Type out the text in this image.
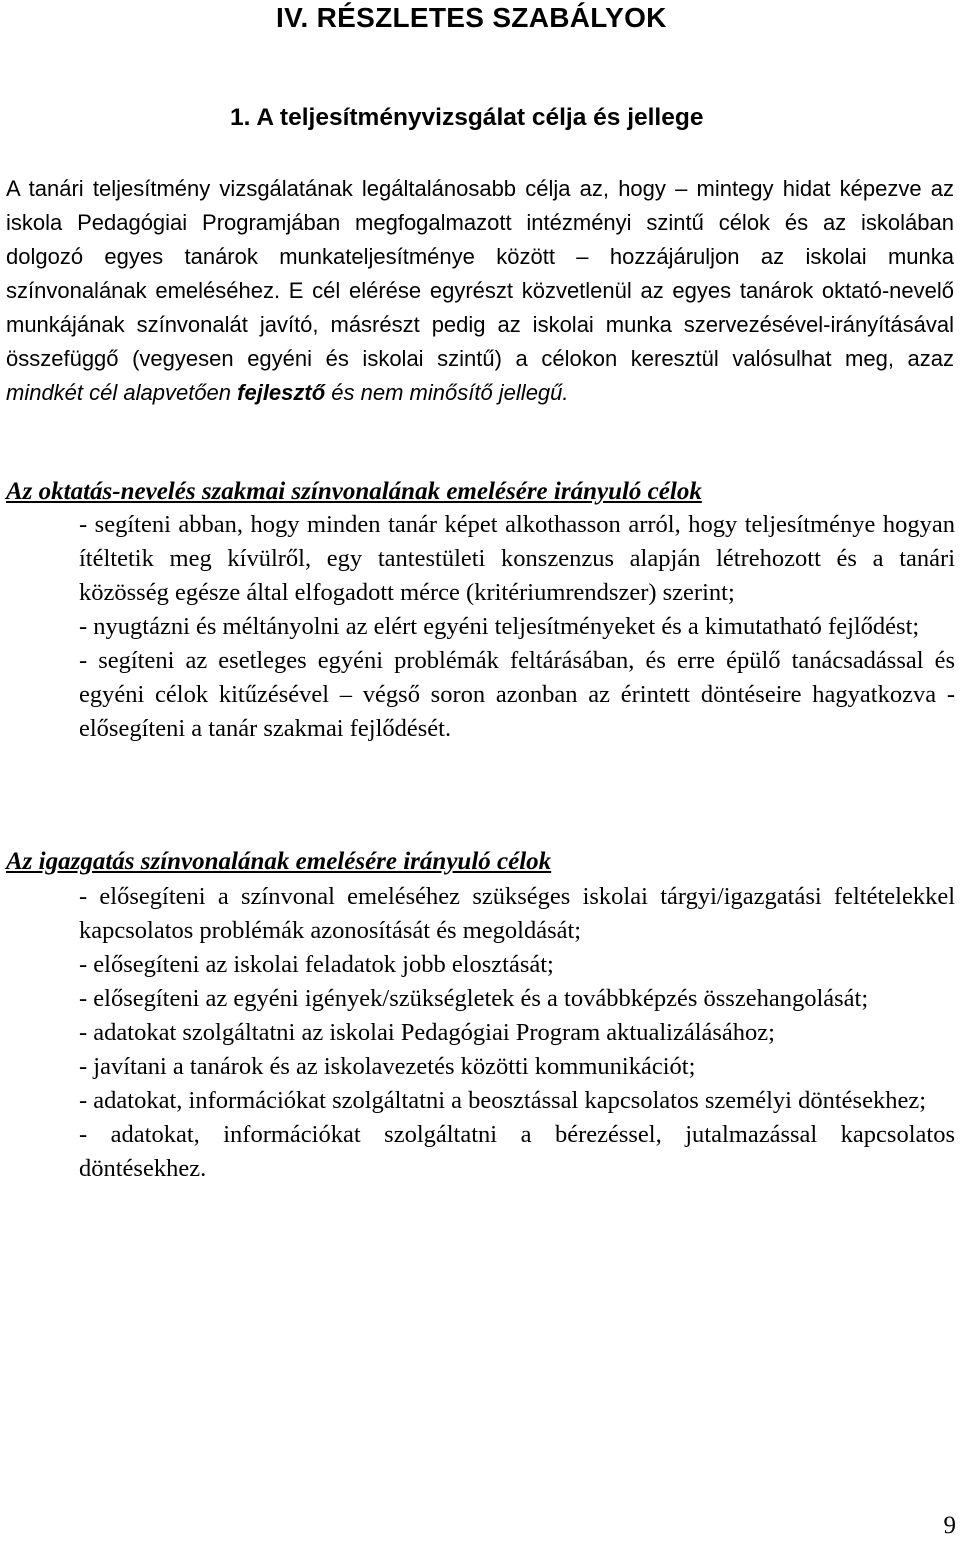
IV. RÉSZLETES SZABÁLYOK
1. A teljesítményvizsgálat célja és jellege

A tanári teljesítmény vizsgálatának legáltalánosabb célja az, hogy – mintegy hidat képezve az iskola Pedagógiai Programjában megfogalmazott intézményi szintű célok és az iskolában dolgozó egyes tanárok munkateljesítménye között – hozzájáruljon az iskolai munka színvonalának emeléséhez. E cél elérése egyrészt közvetlenül az egyes tanárok oktató-nevelő munkájának színvonalát javító, másrészt pedig az iskolai munka szervezésével-irányításával összefüggő (vegyesen egyéni és iskolai szintű) a célokon keresztül valósulhat meg, azaz mindkét cél alapvetően fejlesztő és nem minősítő jellegű.

Az oktatás-nevelés szakmai színvonalának emelésére irányuló célok
- segíteni abban, hogy minden tanár képet alkothasson arról, hogy teljesítménye hogyan ítéltetik meg kívülről, egy tantestületi konszenzus alapján létrehozott és a tanári közösség egésze által elfogadott mérce (kritériumrendszer) szerint;
- nyugtázni és méltányolni az elért egyéni teljesítményeket és a kimutatható fejlődést;
- segíteni az esetleges egyéni problémák feltárásában, és erre épülő tanácsadással és egyéni célok kitűzésével – végső soron azonban az érintett döntéseire hagyatkozva - elősegíteni a tanár szakmai fejlődését.
Az igazgatás színvonalának emelésére irányuló célok
- elősegíteni a színvonal emeléséhez szükséges iskolai tárgyi/igazgatási feltételekkel kapcsolatos problémák azonosítását és megoldását;
- elősegíteni az iskolai feladatok jobb elosztását;
- elősegíteni az egyéni igények/szükségletek és a továbbképzés összehangolását;
- adatokat szolgáltatni az iskolai Pedagógiai Program aktualizálásához;
- javítani a tanárok és az iskolavezetés közötti kommunikációt;
- adatokat, információkat szolgáltatni a beosztással kapcsolatos személyi döntésekhez;
- adatokat, információkat szolgáltatni a bérezéssel, jutalmazással kapcsolatos döntésekhez.
9
